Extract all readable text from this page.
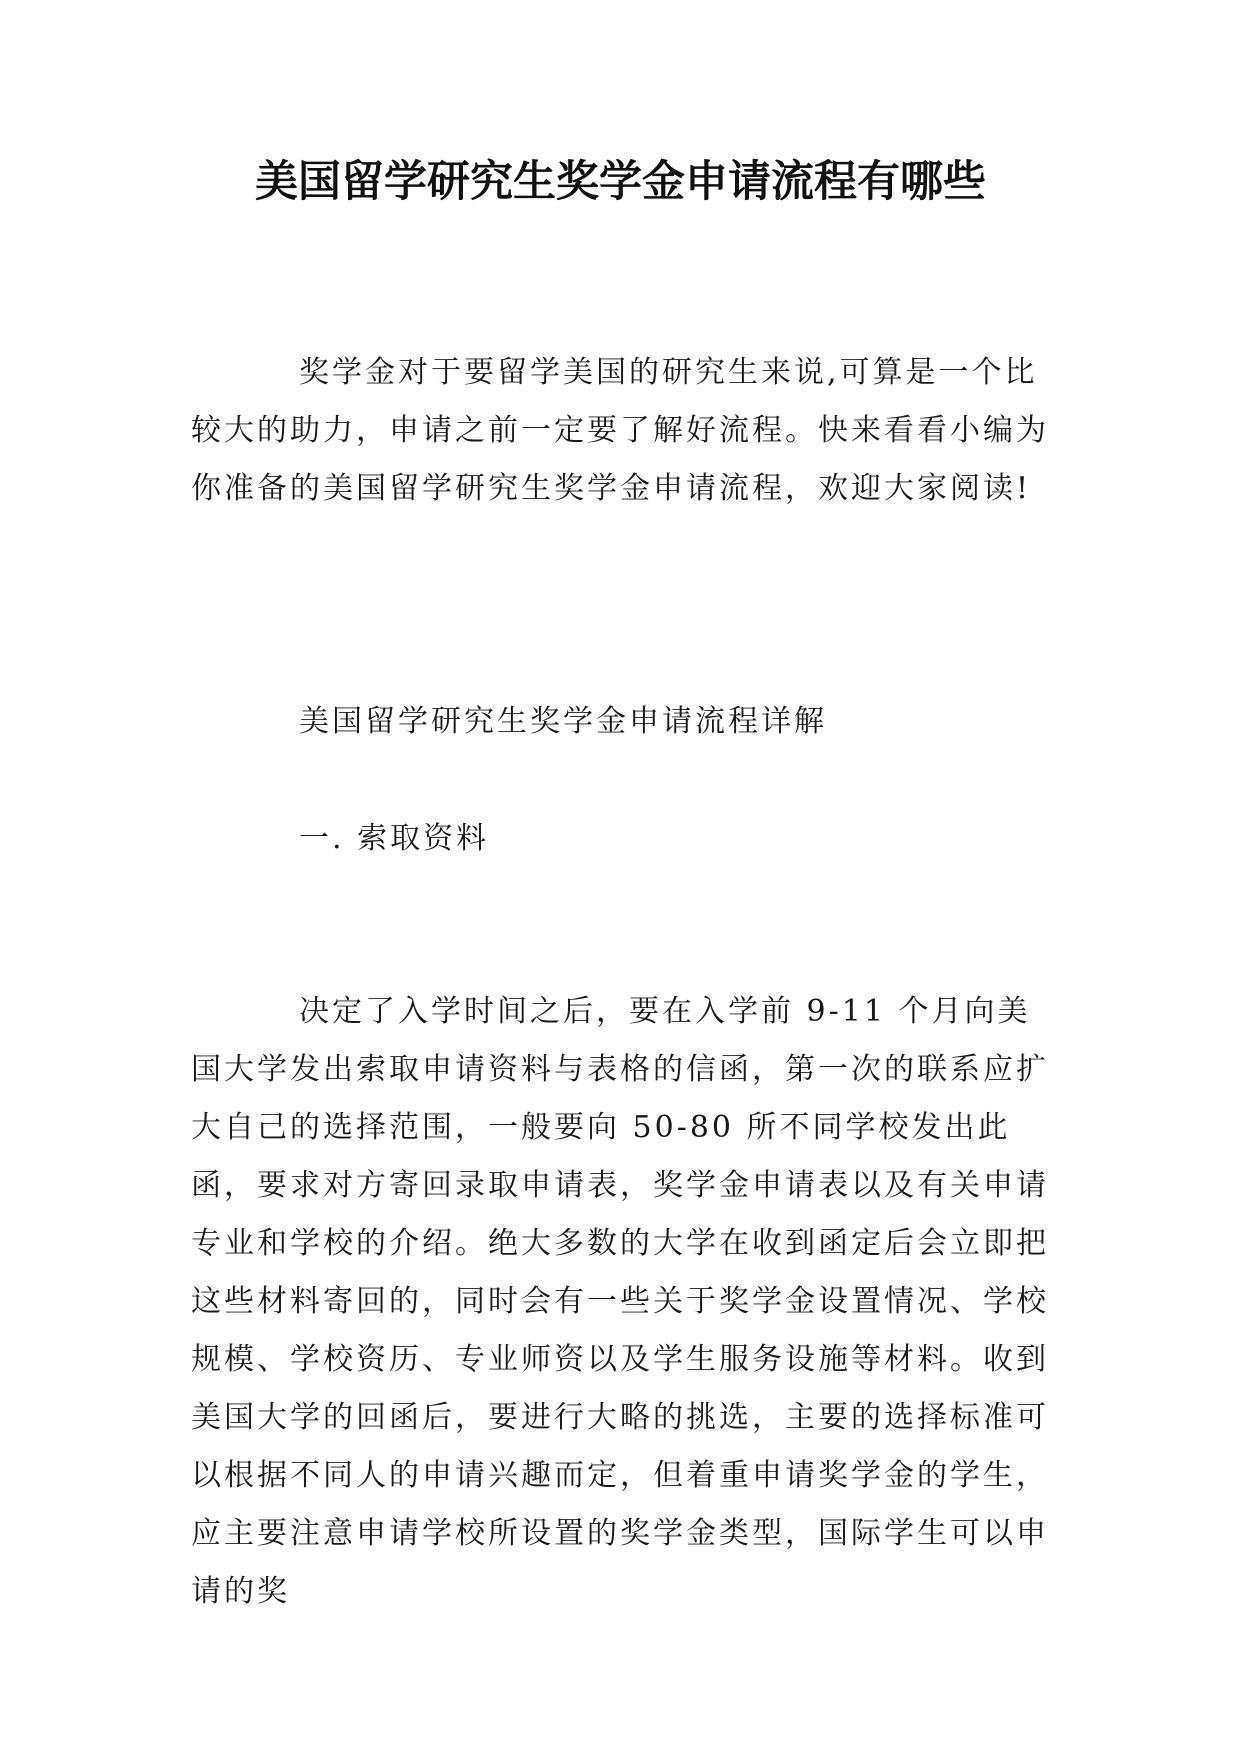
美国留学研究生奖学金申请流程有哪些

奖学金对于要留学美国的研究生来说,可算是一个比较大的助力，申请之前一定要了解好流程。快来看看小编为你准备的美国留学研究生奖学金申请流程，欢迎大家阅读!

美国留学研究生奖学金申请流程详解
一. 索取资料

决定了入学时间之后，要在入学前 9-11 个月向美国大学发出索取申请资料与表格的信函，第一次的联系应扩大自己的选择范围，一般要向 50-80 所不同学校发出此函，要求对方寄回录取申请表，奖学金申请表以及有关申请专业和学校的介绍。绝大多数的大学在收到函定后会立即把这些材料寄回的，同时会有一些关于奖学金设置情况、学校规模、学校资历、专业师资以及学生服务设施等材料。收到美国大学的回函后，要进行大略的挑选，主要的选择标准可以根据不同人的申请兴趣而定，但着重申请奖学金的学生，应主要注意申请学校所设置的奖学金类型，国际学生可以申请的奖
